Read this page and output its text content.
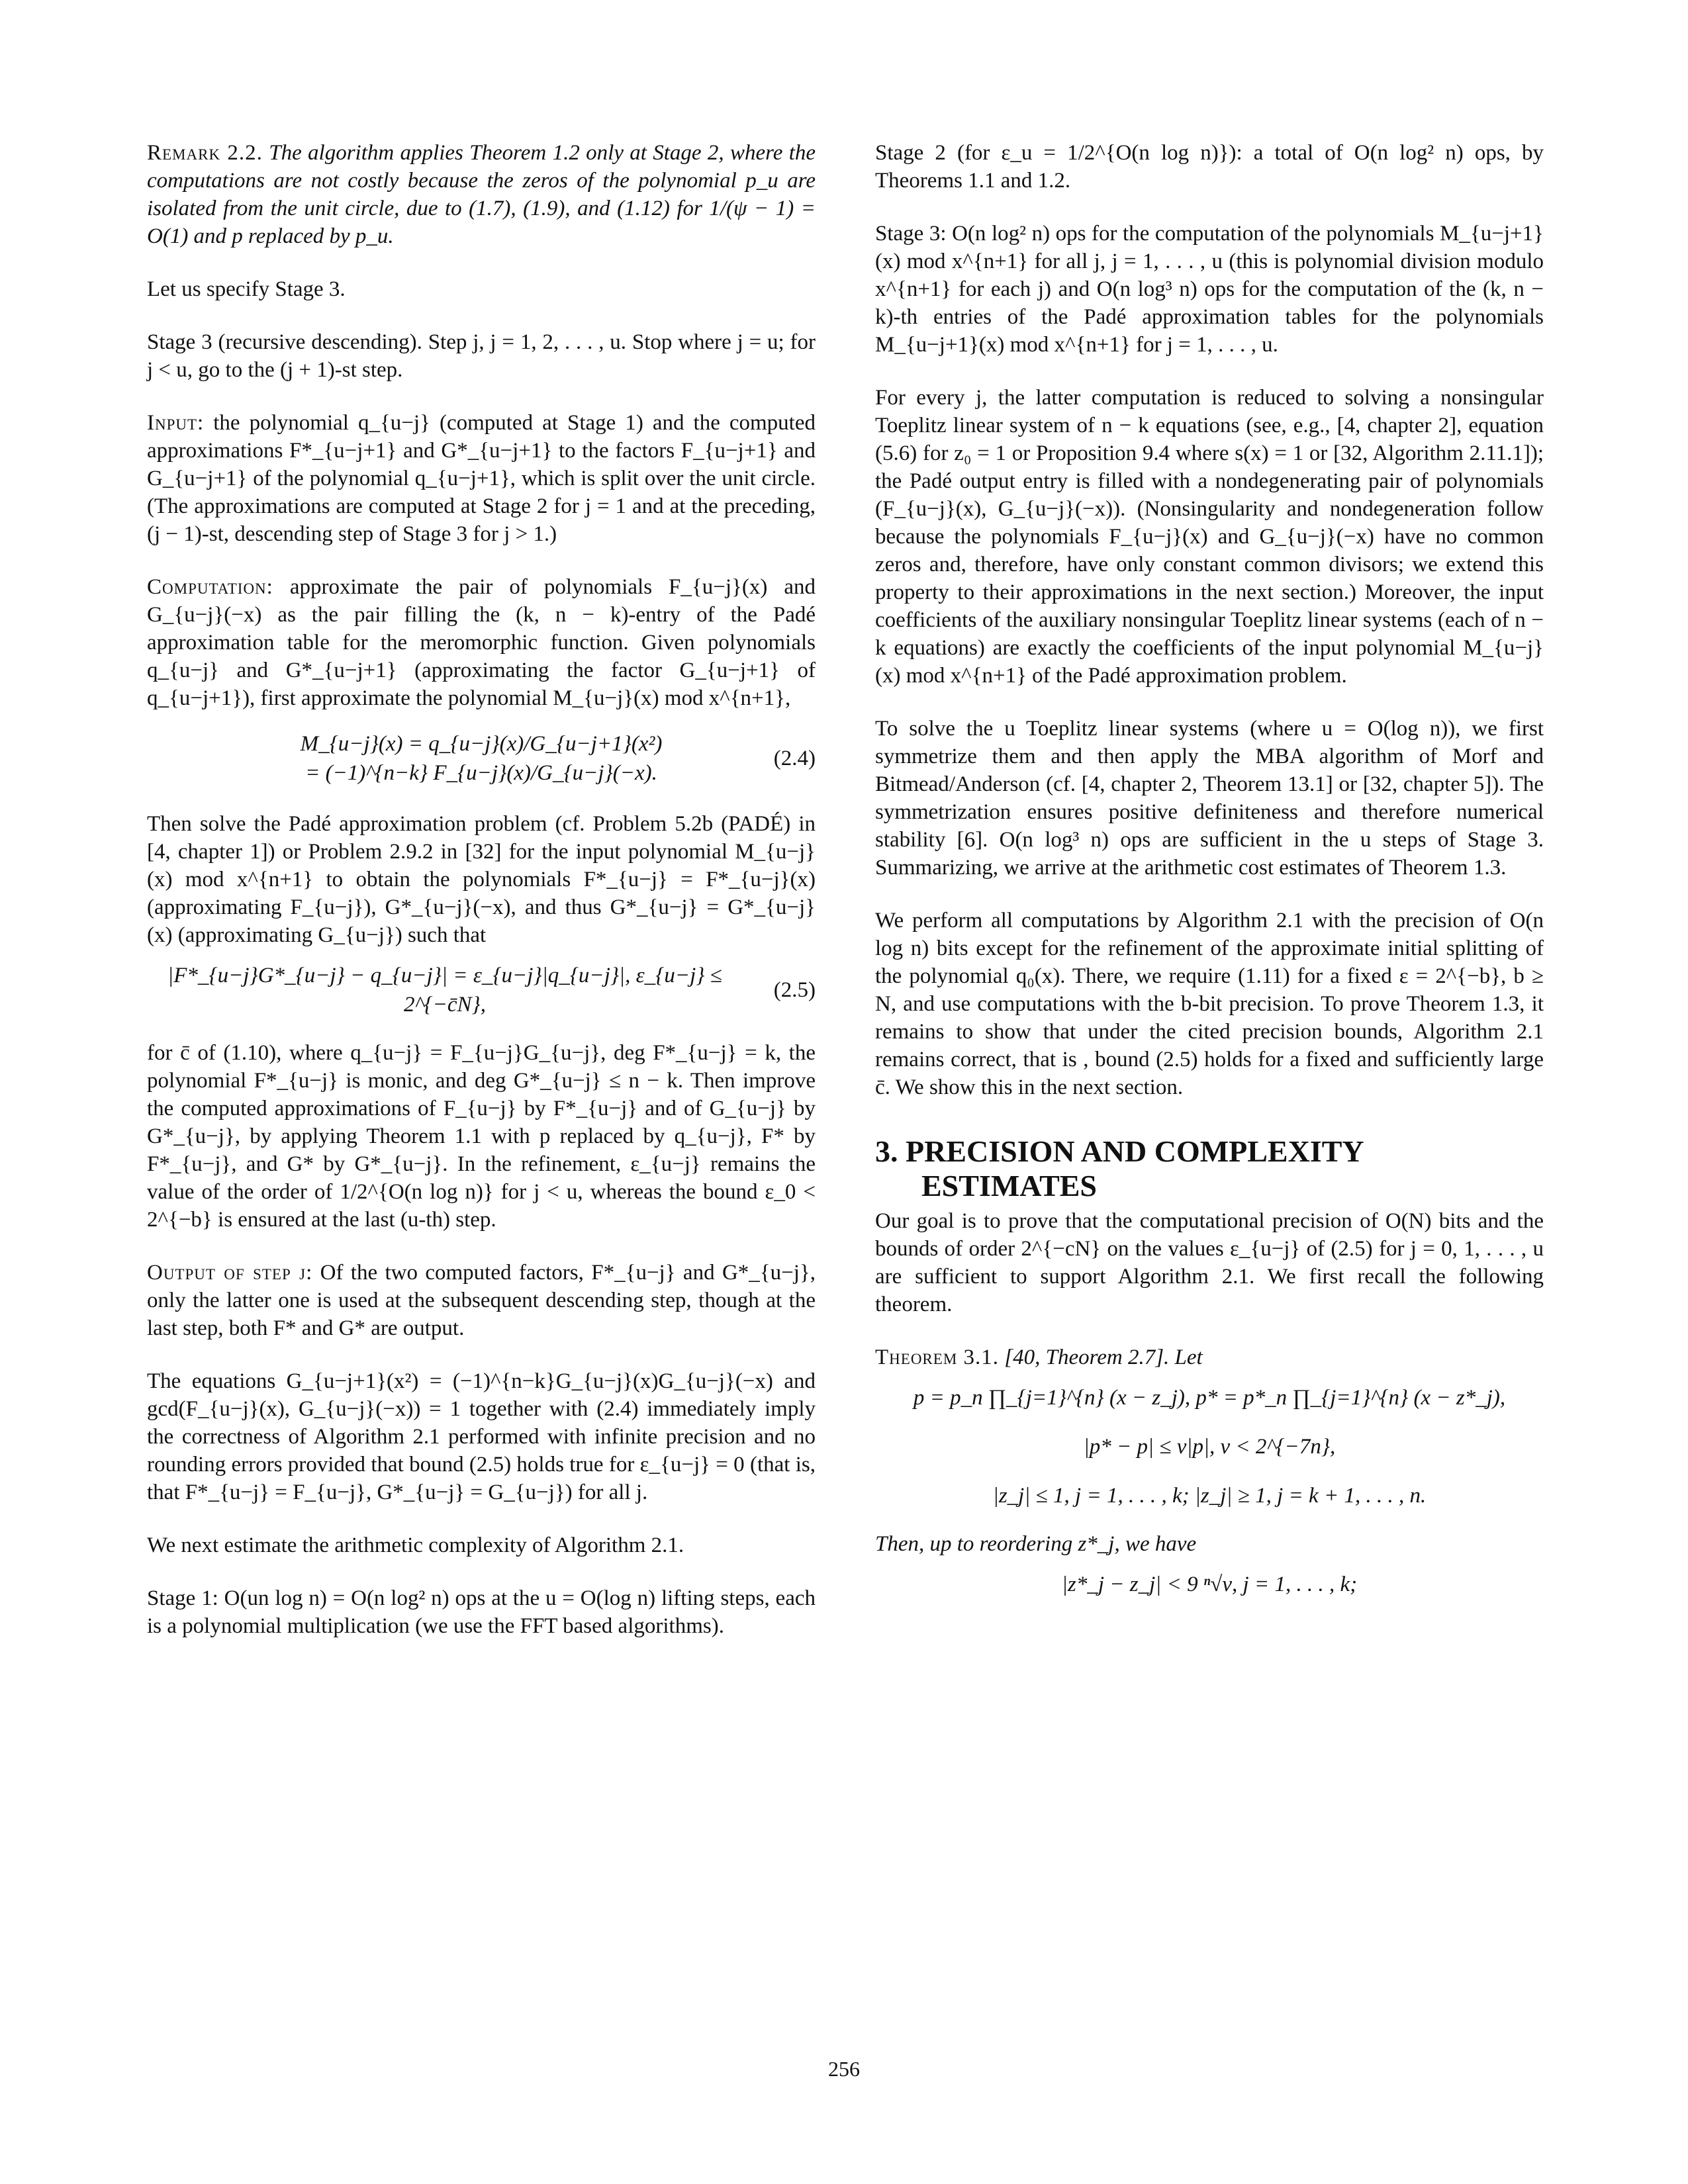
Remark 2.2. The algorithm applies Theorem 1.2 only at Stage 2, where the computations are not costly because the zeros of the polynomial p_u are isolated from the unit circle, due to (1.7), (1.9), and (1.12) for 1/(ψ − 1) = O(1) and p replaced by p_u.

Let us specify Stage 3.

Stage 3 (recursive descending). Step j, j = 1, 2, . . . , u. Stop where j = u; for j < u, go to the (j + 1)-st step.

Input: the polynomial q_{u−j} (computed at Stage 1) and the computed approximations F*_{u−j+1} and G*_{u−j+1} to the factors F_{u−j+1} and G_{u−j+1} of the polynomial q_{u−j+1}, which is split over the unit circle. (The approximations are computed at Stage 2 for j = 1 and at the preceding, (j − 1)-st, descending step of Stage 3 for j > 1.)

Computation: approximate the pair of polynomials F_{u−j}(x) and G_{u−j}(−x) as the pair filling the (k, n − k)-entry of the Padé approximation table for the meromorphic function. Given polynomials q_{u−j} and G*_{u−j+1} (approximating the factor G_{u−j+1} of q_{u−j+1}), first approximate the polynomial M_{u−j}(x) mod x^{n+1},

M_{u−j}(x) = q_{u−j}(x)/G_{u−j+1}(x²)
= (−1)^{n−k} F_{u−j}(x)/G_{u−j}(−x).
(2.4)

Then solve the Padé approximation problem (cf. Problem 5.2b (PADÉ) in [4, chapter 1]) or Problem 2.9.2 in [32] for the input polynomial M_{u−j}(x) mod x^{n+1} to obtain the polynomials F*_{u−j} = F*_{u−j}(x) (approximating F_{u−j}), G*_{u−j}(−x), and thus G*_{u−j} = G*_{u−j}(x) (approximating G_{u−j}) such that

|F*_{u−j}G*_{u−j} − q_{u−j}| = ε_{u−j}|q_{u−j}|, ε_{u−j} ≤ 2^{−c̄N},
(2.5)

for c̄ of (1.10), where q_{u−j} = F_{u−j}G_{u−j}, deg F*_{u−j} = k, the polynomial F*_{u−j} is monic, and deg G*_{u−j} ≤ n − k. Then improve the computed approximations of F_{u−j} by F*_{u−j} and of G_{u−j} by G*_{u−j}, by applying Theorem 1.1 with p replaced by q_{u−j}, F* by F*_{u−j}, and G* by G*_{u−j}. In the refinement, ε_{u−j} remains the value of the order of 1/2^{O(n log n)} for j < u, whereas the bound ε_0 < 2^{−b} is ensured at the last (u-th) step.

Output of step j: Of the two computed factors, F*_{u−j} and G*_{u−j}, only the latter one is used at the subsequent descending step, though at the last step, both F* and G* are output.

The equations G_{u−j+1}(x²) = (−1)^{n−k}G_{u−j}(x)G_{u−j}(−x) and gcd(F_{u−j}(x), G_{u−j}(−x)) = 1 together with (2.4) immediately imply the correctness of Algorithm 2.1 performed with infinite precision and no rounding errors provided that bound (2.5) holds true for ε_{u−j} = 0 (that is, that F*_{u−j} = F_{u−j}, G*_{u−j} = G_{u−j}) for all j.

We next estimate the arithmetic complexity of Algorithm 2.1.

Stage 1: O(un log n) = O(n log² n) ops at the u = O(log n) lifting steps, each is a polynomial multiplication (we use the FFT based algorithms).

Stage 2 (for ε_u = 1/2^{O(n log n)}): a total of O(n log² n) ops, by Theorems 1.1 and 1.2.

Stage 3: O(n log² n) ops for the computation of the polynomials M_{u−j+1}(x) mod x^{n+1} for all j, j = 1, . . . , u (this is polynomial division modulo x^{n+1} for each j) and O(n log³ n) ops for the computation of the (k, n − k)-th entries of the Padé approximation tables for the polynomials M_{u−j+1}(x) mod x^{n+1} for j = 1, . . . , u.

For every j, the latter computation is reduced to solving a nonsingular Toeplitz linear system of n − k equations (see, e.g., [4, chapter 2], equation (5.6) for z₀ = 1 or Proposition 9.4 where s(x) = 1 or [32, Algorithm 2.11.1]); the Padé output entry is filled with a nondegenerating pair of polynomials (F_{u−j}(x), G_{u−j}(−x)). (Nonsingularity and nondegeneration follow because the polynomials F_{u−j}(x) and G_{u−j}(−x) have no common zeros and, therefore, have only constant common divisors; we extend this property to their approximations in the next section.) Moreover, the input coefficients of the auxiliary nonsingular Toeplitz linear systems (each of n − k equations) are exactly the coefficients of the input polynomial M_{u−j}(x) mod x^{n+1} of the Padé approximation problem.

To solve the u Toeplitz linear systems (where u = O(log n)), we first symmetrize them and then apply the MBA algorithm of Morf and Bitmead/Anderson (cf. [4, chapter 2, Theorem 13.1] or [32, chapter 5]). The symmetrization ensures positive definiteness and therefore numerical stability [6]. O(n log³ n) ops are sufficient in the u steps of Stage 3. Summarizing, we arrive at the arithmetic cost estimates of Theorem 1.3.

We perform all computations by Algorithm 2.1 with the precision of O(n log n) bits except for the refinement of the approximate initial splitting of the polynomial q₀(x). There, we require (1.11) for a fixed ε = 2^{−b}, b ≥ N, and use computations with the b-bit precision. To prove Theorem 1.3, it remains to show that under the cited precision bounds, Algorithm 2.1 remains correct, that is , bound (2.5) holds for a fixed and sufficiently large c̄. We show this in the next section.

3. PRECISION AND COMPLEXITY ESTIMATES

Our goal is to prove that the computational precision of O(N) bits and the bounds of order 2^{−cN} on the values ε_{u−j} of (2.5) for j = 0, 1, . . . , u are sufficient to support Algorithm 2.1. We first recall the following theorem.

Theorem 3.1. [40, Theorem 2.7]. Let

p = p_n ∏_{j=1}^{n} (x − z_j), p* = p*_n ∏_{j=1}^{n} (x − z*_j),
|p* − p| ≤ ν|p|, ν < 2^{−7n},
|z_j| ≤ 1, j = 1, . . . , k; |z_j| ≥ 1, j = k + 1, . . . , n.

Then, up to reordering z*_j, we have

|z*_j − z_j| < 9 ⁿ√ν, j = 1, . . . , k;
256
